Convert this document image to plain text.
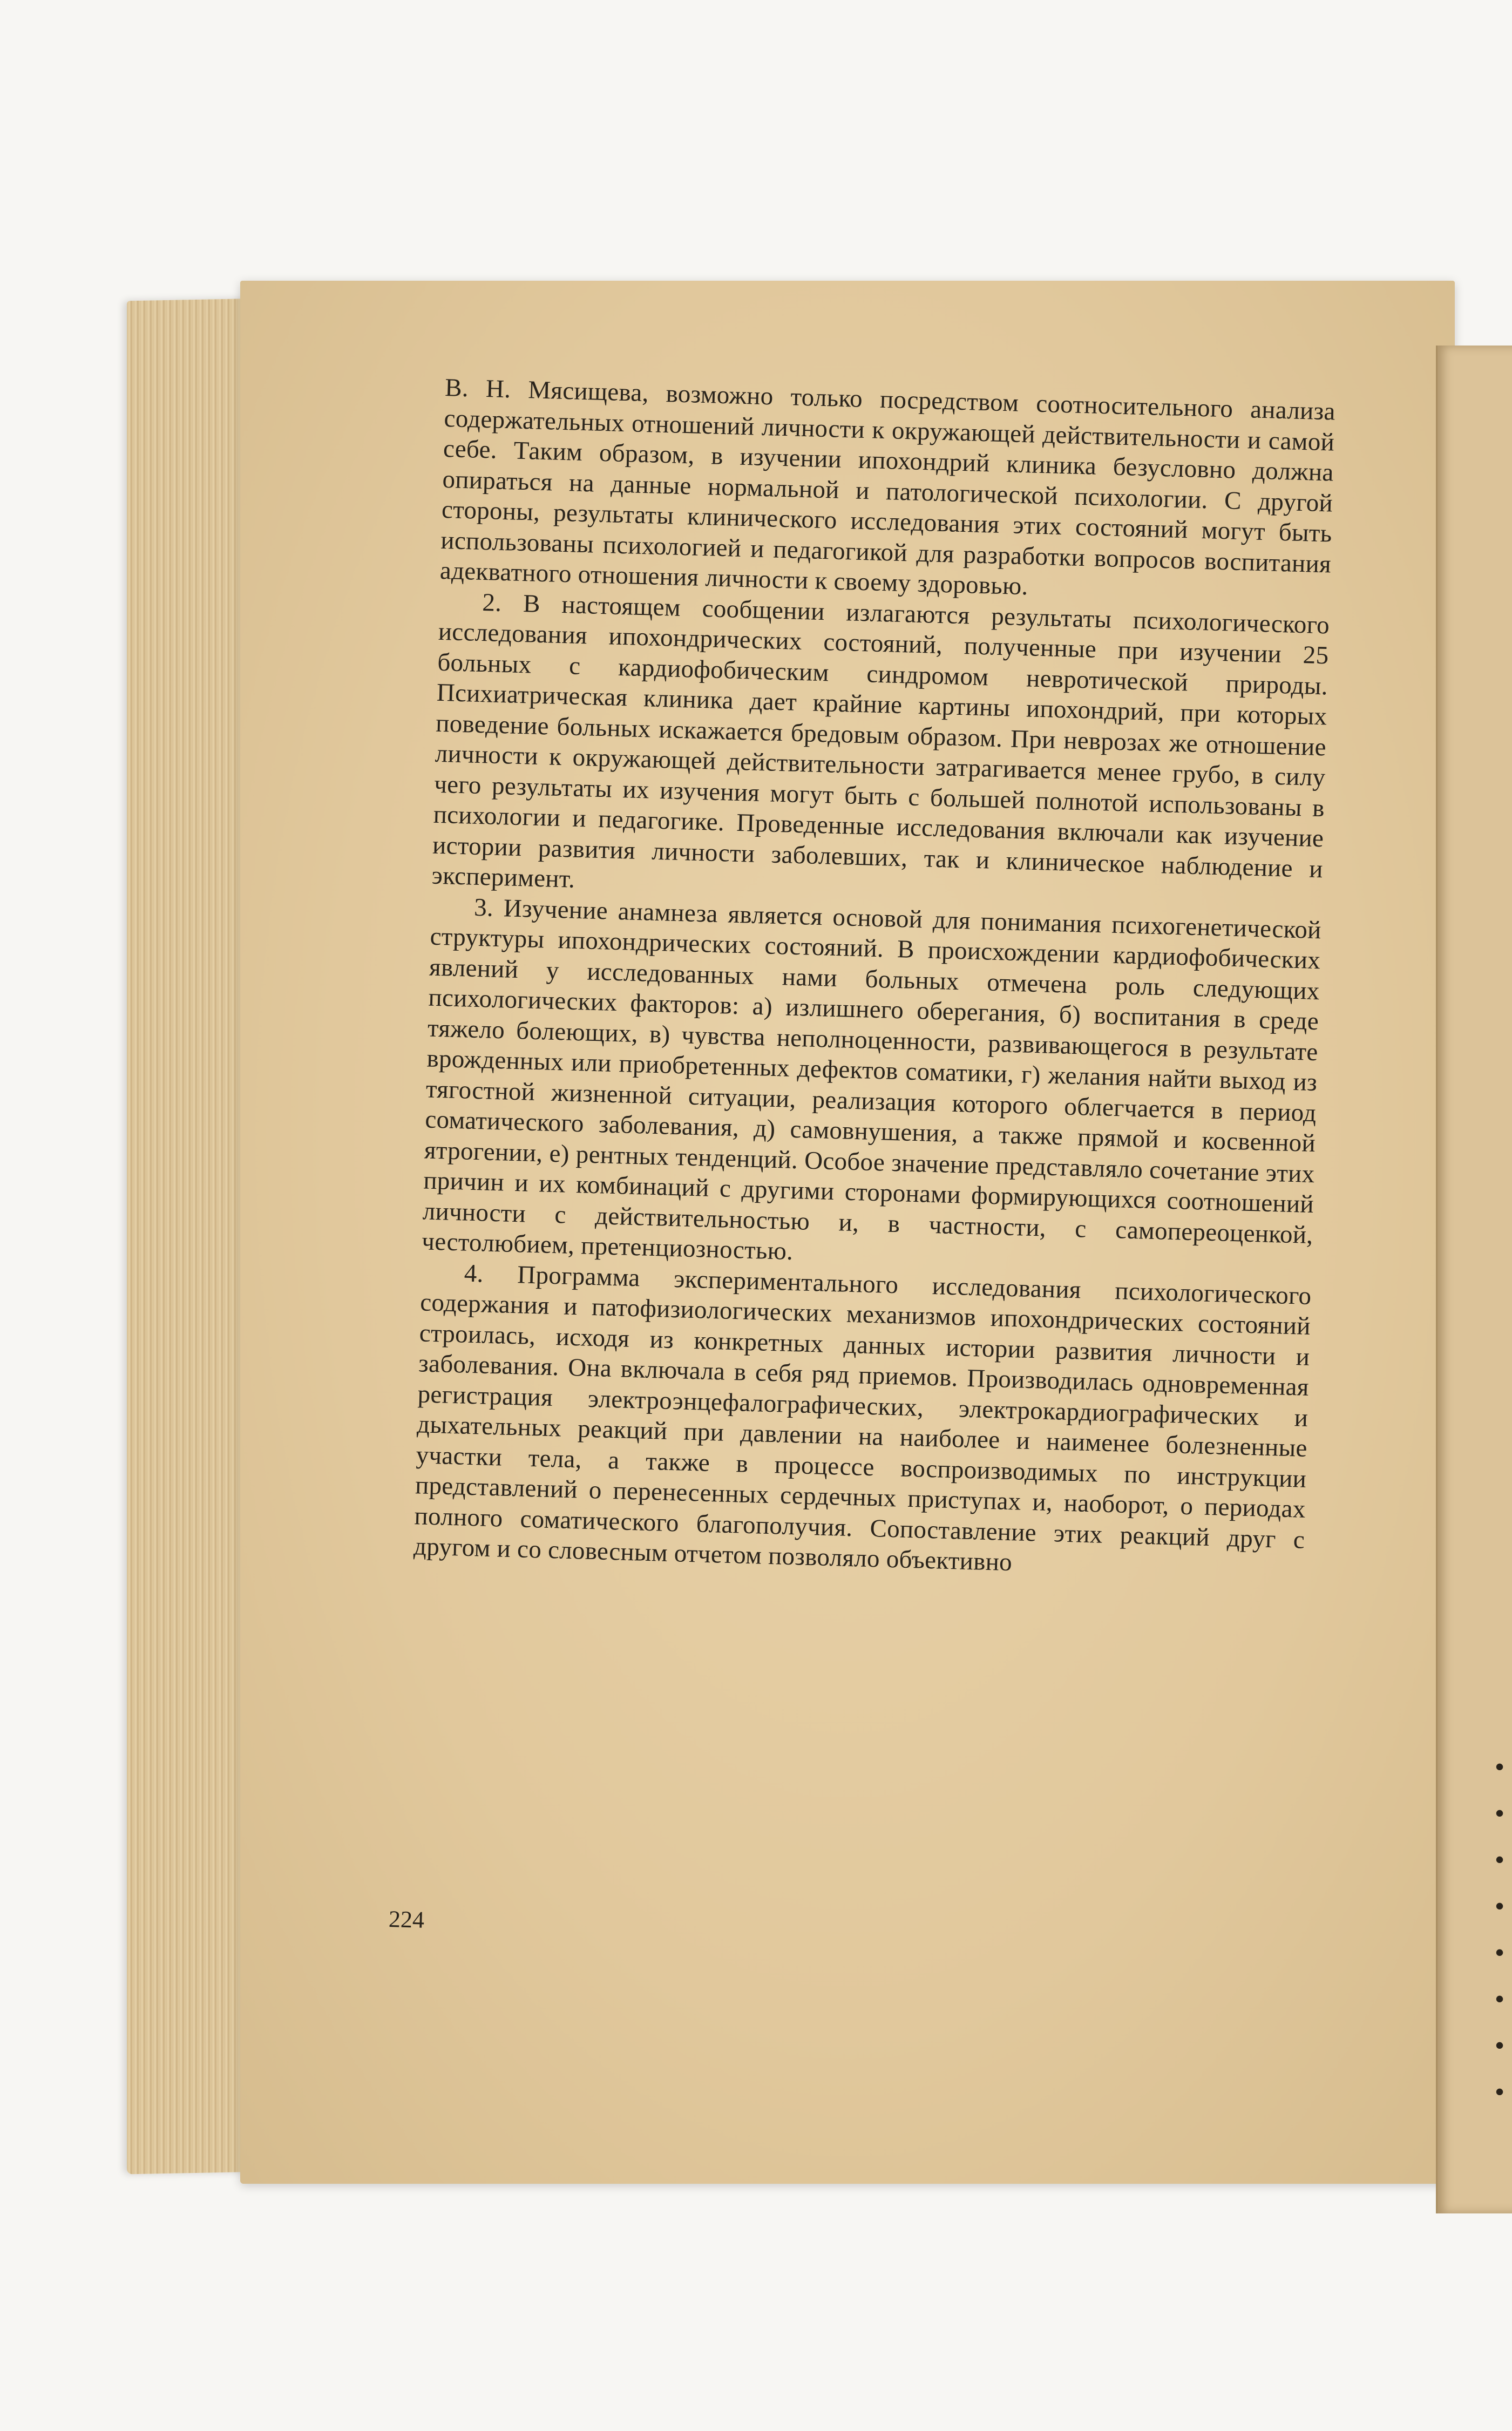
•
•
•
•
•
•
•
•

В. Н. Мясищева, возможно только посредством соотносительного анализа содержательных отношений личности к окружающей действительности и самой себе. Таким образом, в изучении ипохондрий клиника безусловно должна опираться на данные нормальной и патологической психологии. С другой стороны, результаты клинического исследования этих состояний могут быть использованы психологией и педагогикой для разработки вопросов воспитания адекватного отношения личности к своему здоровью.

2. В настоящем сообщении излагаются результаты психологического исследования ипохондрических состояний, полученные при изучении 25 больных с кардиофобическим синдромом невротической природы. Психиатрическая клиника дает крайние картины ипохондрий, при которых поведение больных искажается бредовым образом. При неврозах же отношение личности к окружающей действительности затрагивается менее грубо, в силу чего результаты их изучения могут быть с большей полнотой использованы в психологии и педагогике. Проведенные исследования включали как изучение истории развития личности заболевших, так и клиническое наблюдение и эксперимент.

3. Изучение анамнеза является основой для понимания психогенетической структуры ипохондрических состояний. В происхождении кардиофобических явлений у исследованных нами больных отмечена роль следующих психологических факторов: а) излишнего оберегания, б) воспитания в среде тяжело болеющих, в) чувства неполноценности, развивающегося в результате врожденных или приобретенных дефектов соматики, г) желания найти выход из тягостной жизненной ситуации, реализация которого облегчается в период соматического заболевания, д) самовнушения, а также прямой и косвенной ятрогении, е) рентных тенденций. Особое значение представляло сочетание этих причин и их комбинаций с другими сторонами формирующихся соотношений личности с действительностью и, в частности, с самопереоценкой, честолюбием, претенциозностью.

4. Программа экспериментального исследования психологического содержания и патофизиологических механизмов ипохондрических состояний строилась, исходя из конкретных данных истории развития личности и заболевания. Она включала в себя ряд приемов. Производилась одновременная регистрация электроэнцефалографических, электрокардиографических и дыхательных реакций при давлении на наиболее и наименее болезненные участки тела, а также в процессе воспроизводимых по инструкции представлений о перенесенных сердечных приступах и, наоборот, о периодах полного соматического благополучия. Сопоставление этих реакций друг с другом и со словесным отчетом позволяло объективно

224
